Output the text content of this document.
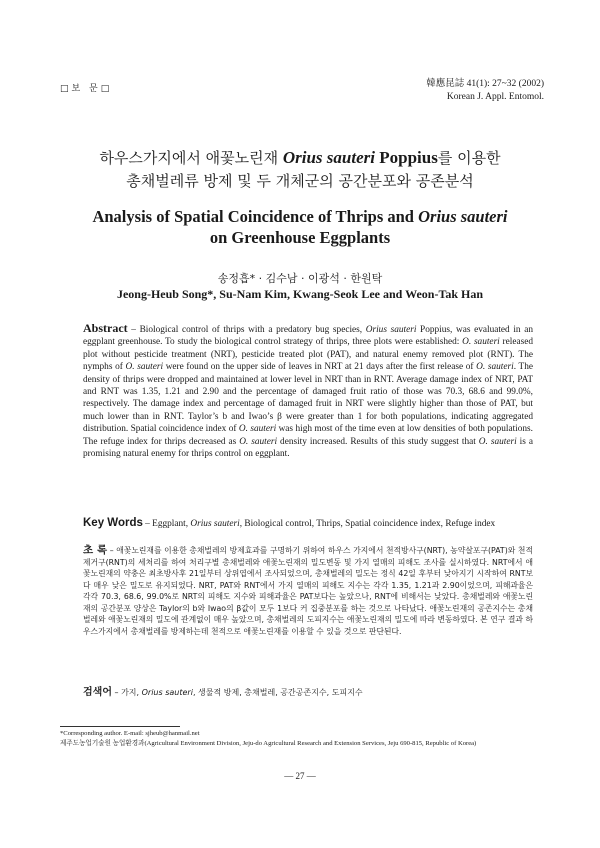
□보 문□	韓應昆誌 41(1): 27~32 (2002)
Korean J. Appl. Entomol.
하우스가지에서 애꽃노린재 Orius sauteri Poppius를 이용한
총채벌레류 방제 및 두 개체군의 공간분포와 공존분석
Analysis of Spatial Coincidence of Thrips and Orius sauteri
on Greenhouse Eggplants
송정흡* · 김수남 · 이광석 · 한원탁
Jeong-Heub Song*, Su-Nam Kim, Kwang-Seok Lee and Weon-Tak Han
Abstract – Biological control of thrips with a predatory bug species, Orius sauteri Poppius, was evaluated in an eggplant greenhouse. To study the biological control strategy of thrips, three plots were established: O. sauteri released plot without pesticide treatment (NRT), pesticide treated plot (PAT), and natural enemy removed plot (RNT). The nymphs of O. sauteri were found on the upper side of leaves in NRT at 21 days after the first release of O. sauteri. The density of thrips were dropped and maintained at lower level in NRT than in RNT. Average damage index of NRT, PAT and RNT was 1.35, 1.21 and 2.90 and the percentage of damaged fruit ratio of those was 70.3, 68.6 and 99.0%, respectively. The damage index and percentage of damaged fruit in NRT were slightly higher than those of PAT, but much lower than in RNT. Taylor’s b and Iwao’s β were greater than 1 for both populations, indicating aggregated distribution. Spatial coincidence index of O. sauteri was high most of the time even at low densities of both populations. The refuge index for thrips decreased as O. sauteri density increased. Results of this study suggest that O. sauteri is a promising natural enemy for thrips control on eggplant.
Key Words – Eggplant, Orius sauteri, Biological control, Thrips, Spatial coincidence index, Refuge index
초 록 – 애꽃노린재를 이용한 총채벌레의 방제효과를 구명하기 위하여 하우스 가지에서 천적방사구(NRT), 농약살포구(PAT)와 천적제거구(RNT)의 세처리를 하여 처리구별 총채벌레와 애꽃노린재의 밀도변동 및 가지 열매의 피해도 조사를 실시하였다. NRT에서 애꽃노린재의 약충은 최초방사후 21일부터 상위엽에서 조사되었으며, 총채벌레의 밀도는 정식 42일 후부터 낮아지기 시작하여 RNT보다 매우 낮은 밀도로 유지되었다. NRT, PAT와 RNT에서 가지 열매의 피해도 지수는 각각 1.35, 1.21과 2.90이었으며, 피해과율은 각각 70.3, 68.6, 99.0%로 NRT의 피해도 지수와 피해과율은 PAT보다는 높았으나, RNT에 비해서는 낮았다. 총채벌레와 애꽃노린재의 공간분포 양상은 Taylor의 b와 Iwao의 β값이 모두 1보다 커 집중분포를 하는 것으로 나타났다. 애꽃노린재의 공존지수는 총채벌레와 애꽃노린재의 밀도에 관계없이 매우 높았으며, 총채벌레의 도피지수는 애꽃노린재의 밀도에 따라 변동하였다. 본 연구 결과 하우스가지에서 총채벌레를 방제하는데 천적으로 애꽃노린재를 이용할 수 있을 것으로 판단된다.
검색어 – 가지, Orius sauteri, 생물적 방제, 총채벌레, 공간공존지수, 도피지수
*Corresponding author. E-mail: sjheub@hanmail.net
제주도농업기술원 농업환경과(Agricultural Environment Division, Jeju-do Agricultural Research and Extension Services, Jeju 690-815, Republic of Korea)
— 27 —
